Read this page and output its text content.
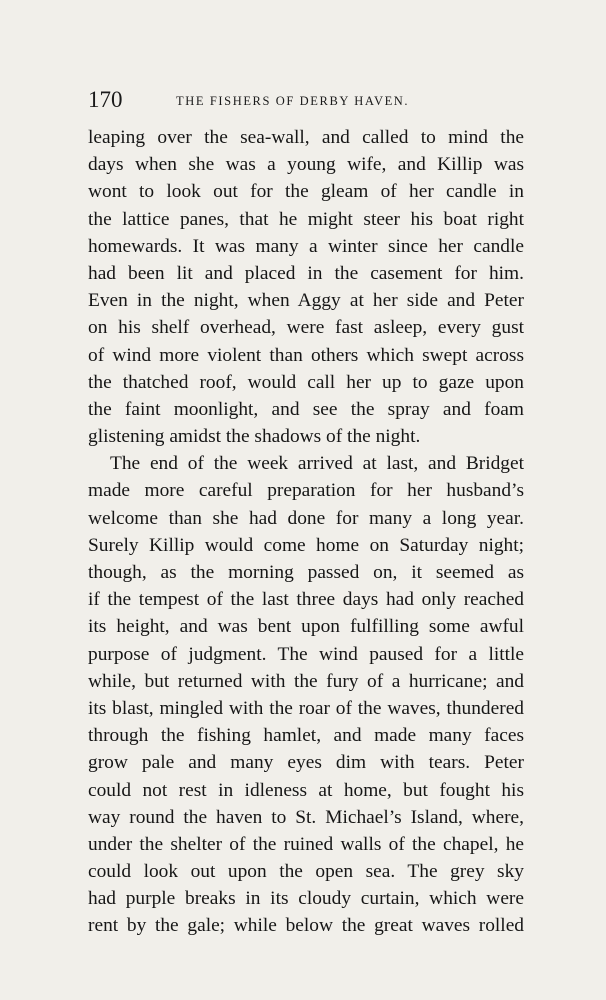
170	THE FISHERS OF DERBY HAVEN.
leaping over the sea-wall, and called to mind the
days when she was a young wife, and Killip was
wont to look out for the gleam of her candle in
the lattice panes, that he might steer his boat right
homewards. It was many a winter since her candle
had been lit and placed in the casement for him.
Even in the night, when Aggy at her side and Peter
on his shelf overhead, were fast asleep, every gust
of wind more violent than others which swept across
the thatched roof, would call her up to gaze upon
the faint moonlight, and see the spray and foam
glistening amidst the shadows of the night.
The end of the week arrived at last, and Bridget
made more careful preparation for her husband’s
welcome than she had done for many a long year.
Surely Killip would come home on Saturday night;
though, as the morning passed on, it seemed as
if the tempest of the last three days had only reached
its height, and was bent upon fulfilling some awful
purpose of judgment. The wind paused for a little
while, but returned with the fury of a hurricane; and
its blast, mingled with the roar of the waves, thundered
through the fishing hamlet, and made many faces
grow pale and many eyes dim with tears. Peter
could not rest in idleness at home, but fought his
way round the haven to St. Michael’s Island, where,
under the shelter of the ruined walls of the chapel, he
could look out upon the open sea. The grey sky
had purple breaks in its cloudy curtain, which were
rent by the gale; while below the great waves rolled
